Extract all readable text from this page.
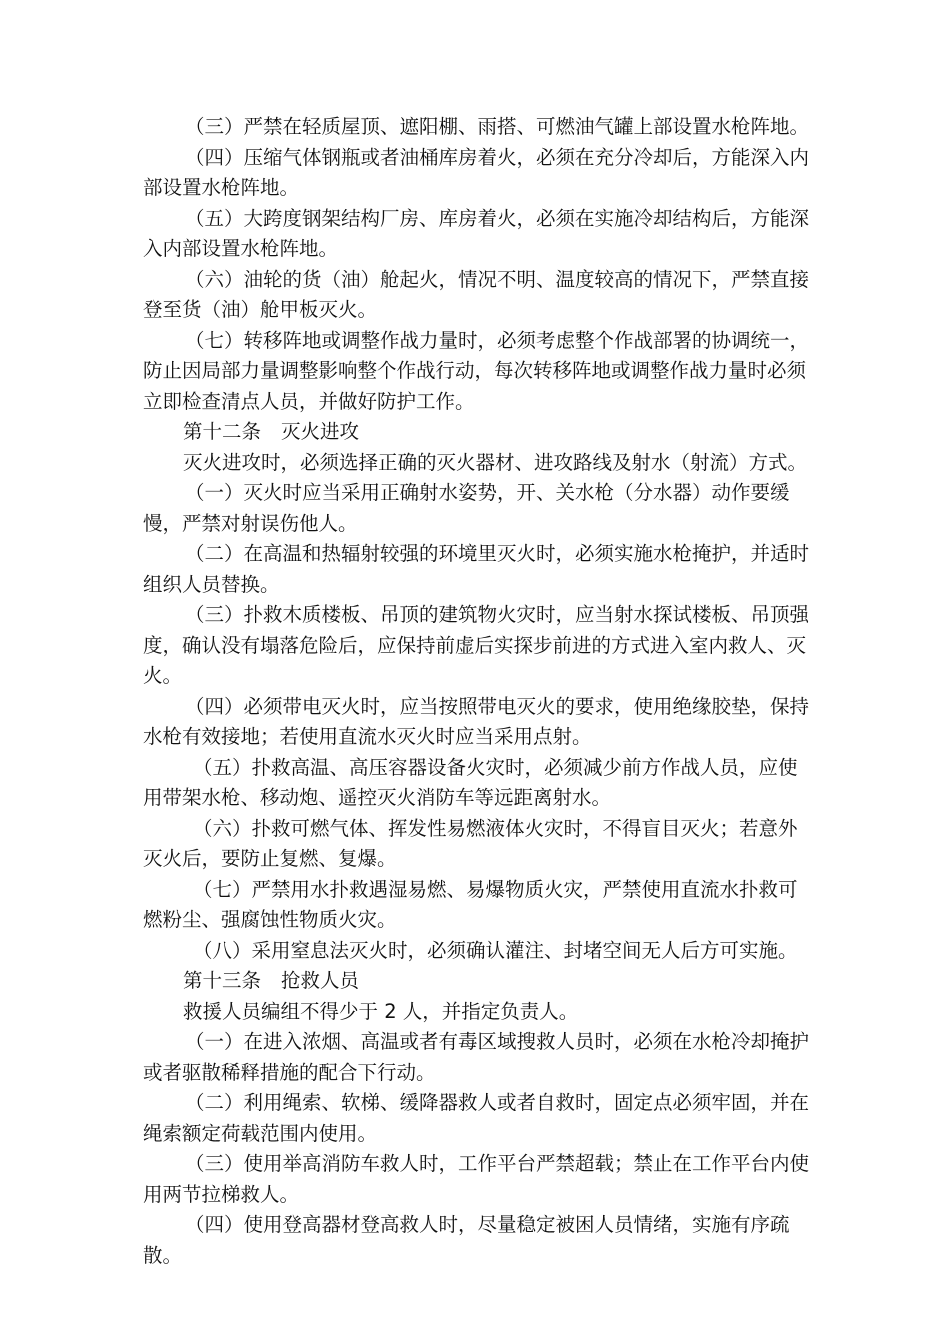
（三）严禁在轻质屋顶、遮阳棚、雨搭、可燃油气罐上部设置水枪阵地。

（四）压缩气体钢瓶或者油桶库房着火，必须在充分冷却后，方能深入内部设置水枪阵地。

（五）大跨度钢架结构厂房、库房着火，必须在实施冷却结构后，方能深入内部设置水枪阵地。

（六）油轮的货（油）舱起火，情况不明、温度较高的情况下，严禁直接登至货（油）舱甲板灭火。

（七）转移阵地或调整作战力量时，必须考虑整个作战部署的协调统一，防止因局部力量调整影响整个作战行动，每次转移阵地或调整作战力量时必须立即检查清点人员，并做好防护工作。

第十二条 灭火进攻

灭火进攻时，必须选择正确的灭火器材、进攻路线及射水（射流）方式。

（一）灭火时应当采用正确射水姿势，开、关水枪（分水器）动作要缓慢，严禁对射误伤他人。

（二）在高温和热辐射较强的环境里灭火时，必须实施水枪掩护，并适时组织人员替换。

（三）扑救木质楼板、吊顶的建筑物火灾时，应当射水探试楼板、吊顶强度，确认没有塌落危险后，应保持前虚后实探步前进的方式进入室内救人、灭火。

（四）必须带电灭火时，应当按照带电灭火的要求，使用绝缘胶垫，保持水枪有效接地；若使用直流水灭火时应当采用点射。

（五）扑救高温、高压容器设备火灾时，必须减少前方作战人员，应使用带架水枪、移动炮、遥控灭火消防车等远距离射水。

（六）扑救可燃气体、挥发性易燃液体火灾时，不得盲目灭火；若意外灭火后，要防止复燃、复爆。

（七）严禁用水扑救遇湿易燃、易爆物质火灾，严禁使用直流水扑救可燃粉尘、强腐蚀性物质火灾。

（八）采用窒息法灭火时，必须确认灌注、封堵空间无人后方可实施。

第十三条 抢救人员

救援人员编组不得少于 2 人，并指定负责人。

（一）在进入浓烟、高温或者有毒区域搜救人员时，必须在水枪冷却掩护或者驱散稀释措施的配合下行动。

（二）利用绳索、软梯、缓降器救人或者自救时，固定点必须牢固，并在绳索额定荷载范围内使用。

（三）使用举高消防车救人时，工作平台严禁超载；禁止在工作平台内使用两节拉梯救人。

（四）使用登高器材登高救人时，尽量稳定被困人员情绪，实施有序疏散。
